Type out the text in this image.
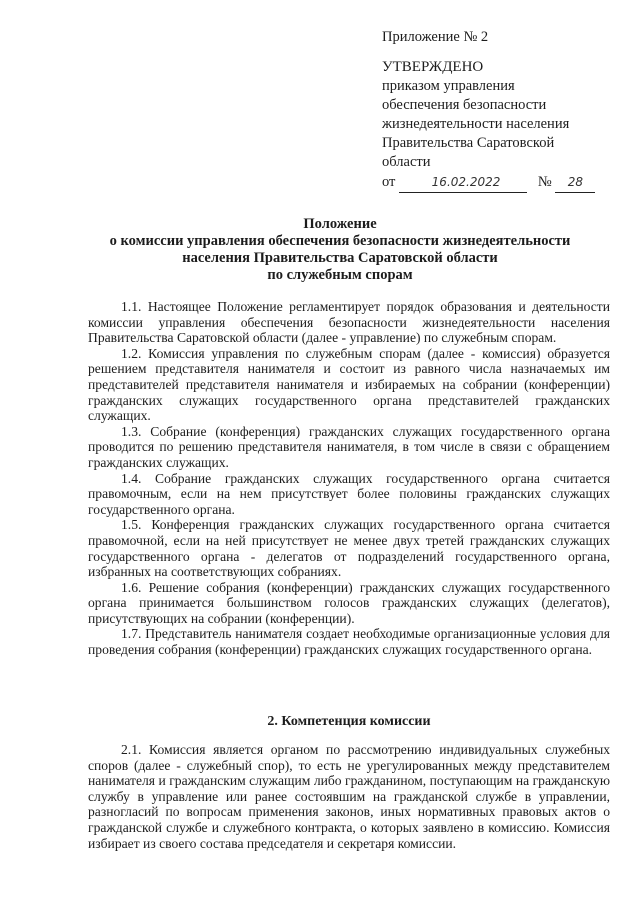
Приложение № 2
УТВЕРЖДЕНО
приказом управления
обеспечения безопасности
жизнедеятельности населения
Правительства Саратовской
области
от	16.02.2022	№ 28
Положение
о комиссии управления обеспечения безопасности жизнедеятельности
населения Правительства Саратовской области
по служебным спорам

1.1. Настоящее Положение регламентирует порядок образования и деятельности комиссии управления обеспечения безопасности жизнедеятельности населения Правительства Саратовской области (далее - управление) по служебным спорам.

1.2. Комиссия управления по служебным спорам (далее - комиссия) образуется решением представителя нанимателя и состоит из равного числа назначаемых им представителей представителя нанимателя и избираемых на собрании (конференции) гражданских служащих государственного органа представителей гражданских служащих.

1.3. Собрание (конференция) гражданских служащих государственного органа проводится по решению представителя нанимателя, в том числе в связи с обращением гражданских служащих.

1.4. Собрание гражданских служащих государственного органа считается правомочным, если на нем присутствует более половины гражданских служащих государственного органа.

1.5. Конференция гражданских служащих государственного органа считается правомочной, если на ней присутствует не менее двух третей гражданских служащих государственного органа - делегатов от подразделений государственного органа, избранных на соответствующих собраниях.

1.6. Решение собрания (конференции) гражданских служащих государственного органа принимается большинством голосов гражданских служащих (делегатов), присутствующих на собрании (конференции).

1.7. Представитель нанимателя создает необходимые организационные условия для проведения собрания (конференции) гражданских служащих государственного органа.

2. Компетенция комиссии

2.1. Комиссия является органом по рассмотрению индивидуальных служебных споров (далее - служебный спор), то есть не урегулированных между представителем нанимателя и гражданским служащим либо гражданином, поступающим на гражданскую службу в управление или ранее состоявшим на гражданской службе в управлении, разногласий по вопросам применения законов, иных нормативных правовых актов о гражданской службе и служебного контракта, о которых заявлено в комиссию. Комиссия избирает из своего состава председателя и секретаря комиссии.
